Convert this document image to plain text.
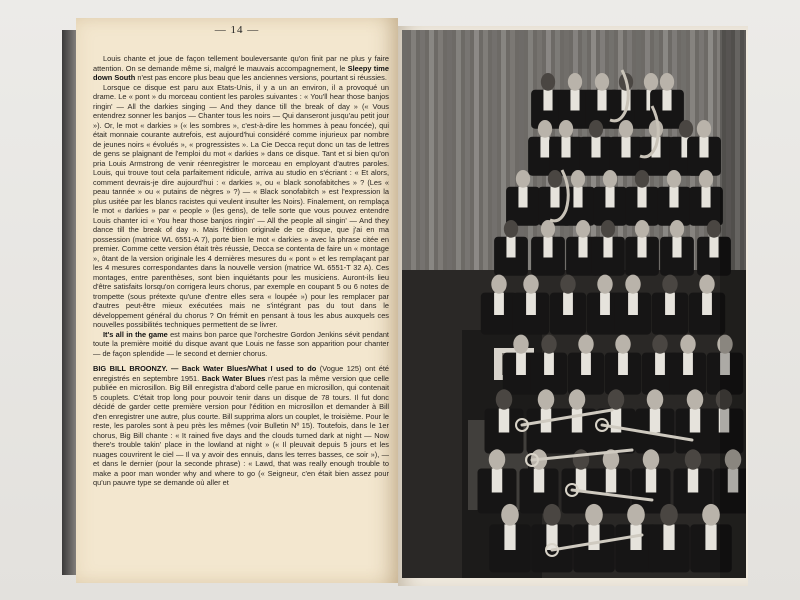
— 14 —

Louis chante et joue de façon tellement bouleversante qu'on finit par ne plus y faire attention. On se demande même si, malgré le mauvais accompagnement, le Sleepy time down South n'est pas encore plus beau que les anciennes versions, pourtant si réussies.

Lorsque ce disque est paru aux Etats-Unis, il y a un an environ, il a provoqué un drame. Le « pont » du morceau contient les paroles suivantes : « You'll hear those banjos ringin' — All the darkies singing — And they dance till the break of day » (« Vous entendrez sonner les banjos — Chanter tous les noirs — Qui danseront jusqu'au petit jour »). Or, le mot « darkies » (« les sombres », c'est-à-dire les hommes à peau foncée), qui était monnaie courante autrefois, est aujourd'hui considéré comme injurieux par nombre de jeunes noirs « évolués », « progressistes ». La Cie Decca reçut donc un tas de lettres de gens se plaignant de l'emploi du mot « darkies » dans ce disque. Tant et si bien qu'on pria Louis Armstrong de venir réenregistrer le morceau en employant d'autres paroles. Louis, qui trouve tout cela parfaitement ridicule, arriva au studio en s'écriant : « Et alors, comment devrais-je dire aujourd'hui : « darkies », ou « black sonofabitches » ? (Les « peau tannée » ou « putains de nègres » ?) — « Black sonofabitch » est l'expression la plus usitée par les blancs racistes qui veulent insulter les Noirs). Finalement, on remplaça le mot « darkies » par « people » (les gens), de telle sorte que vous pouvez entendre Louis chanter ici « You hear those banjos ringin' — All the people all singin' — And they dance till the break of day ». Mais l'édition originale de ce disque, que j'ai en ma possession (matrice WL 6551-A 7), porte bien le mot « darkies » avec la phrase citée en premier. Comme cette version était très réussie, Decca se contenta de faire un « montage », ôtant de la version originale les 4 dernières mesures du « pont » et les remplaçant par les 4 mesures correspondantes dans la nouvelle version (matrice WL 6551-T 32 A). Ces montages, entre parenthèses, sont bien inquiétants pour les musiciens. Auront-ils lieu d'être satisfaits lorsqu'on corrigera leurs chorus, par exemple en coupant 5 ou 6 notes de trompette (sous prétexte qu'une d'entre elles sera « loupée ») pour les remplacer par d'autres peut-être mieux exécutées mais ne s'intégrant pas du tout dans le développement général du chorus ? On frémit en pensant à tous les abus auxquels ces nouvelles possibilités techniques permettent de se livrer.

It's all in the game est mains bon parce que l'orchestre Gordon Jenkins sévit pendant toute la première moitié du disque avant que Louis ne fasse son apparition pour chanter — de façon splendide — le second et dernier chorus.

BIG BILL BROONZY. — Back Water Blues/What I used to do (Vogue 125) ont été enregistrés en septembre 1951. Back Water Blues n'est pas la même version que celle publiée en microsillon. Big Bill enregistra d'abord celle parue en microsillon, qui contenait 5 couplets. C'était trop long pour pouvoir tenir dans un disque de 78 tours. Il fut donc décidé de garder cette première version pour l'édition en microsillon et demander à Bill d'en enregistrer une autre, plus courte. Bill supprima alors un couplet, le troisième. Pour le reste, les paroles sont à peu près les mêmes (voir Bulletin Nº 15). Toutefois, dans le 1er chorus, Big Bill chante : « It rained five days and the clouds turned dark at night — Now there's trouble takin' place in the lowland at night » (« Il pleuvait depuis 5 jours et les nuages couvrirent le ciel — Il va y avoir des ennuis, dans les terres basses, ce soir »), — et dans le dernier (pour la seconde phrase) : « Lawd, that was really enough trouble to make a poor man wonder why and where to go (« Seigneur, c'en était bien assez pour qu'un pauvre type se demande où aller et
